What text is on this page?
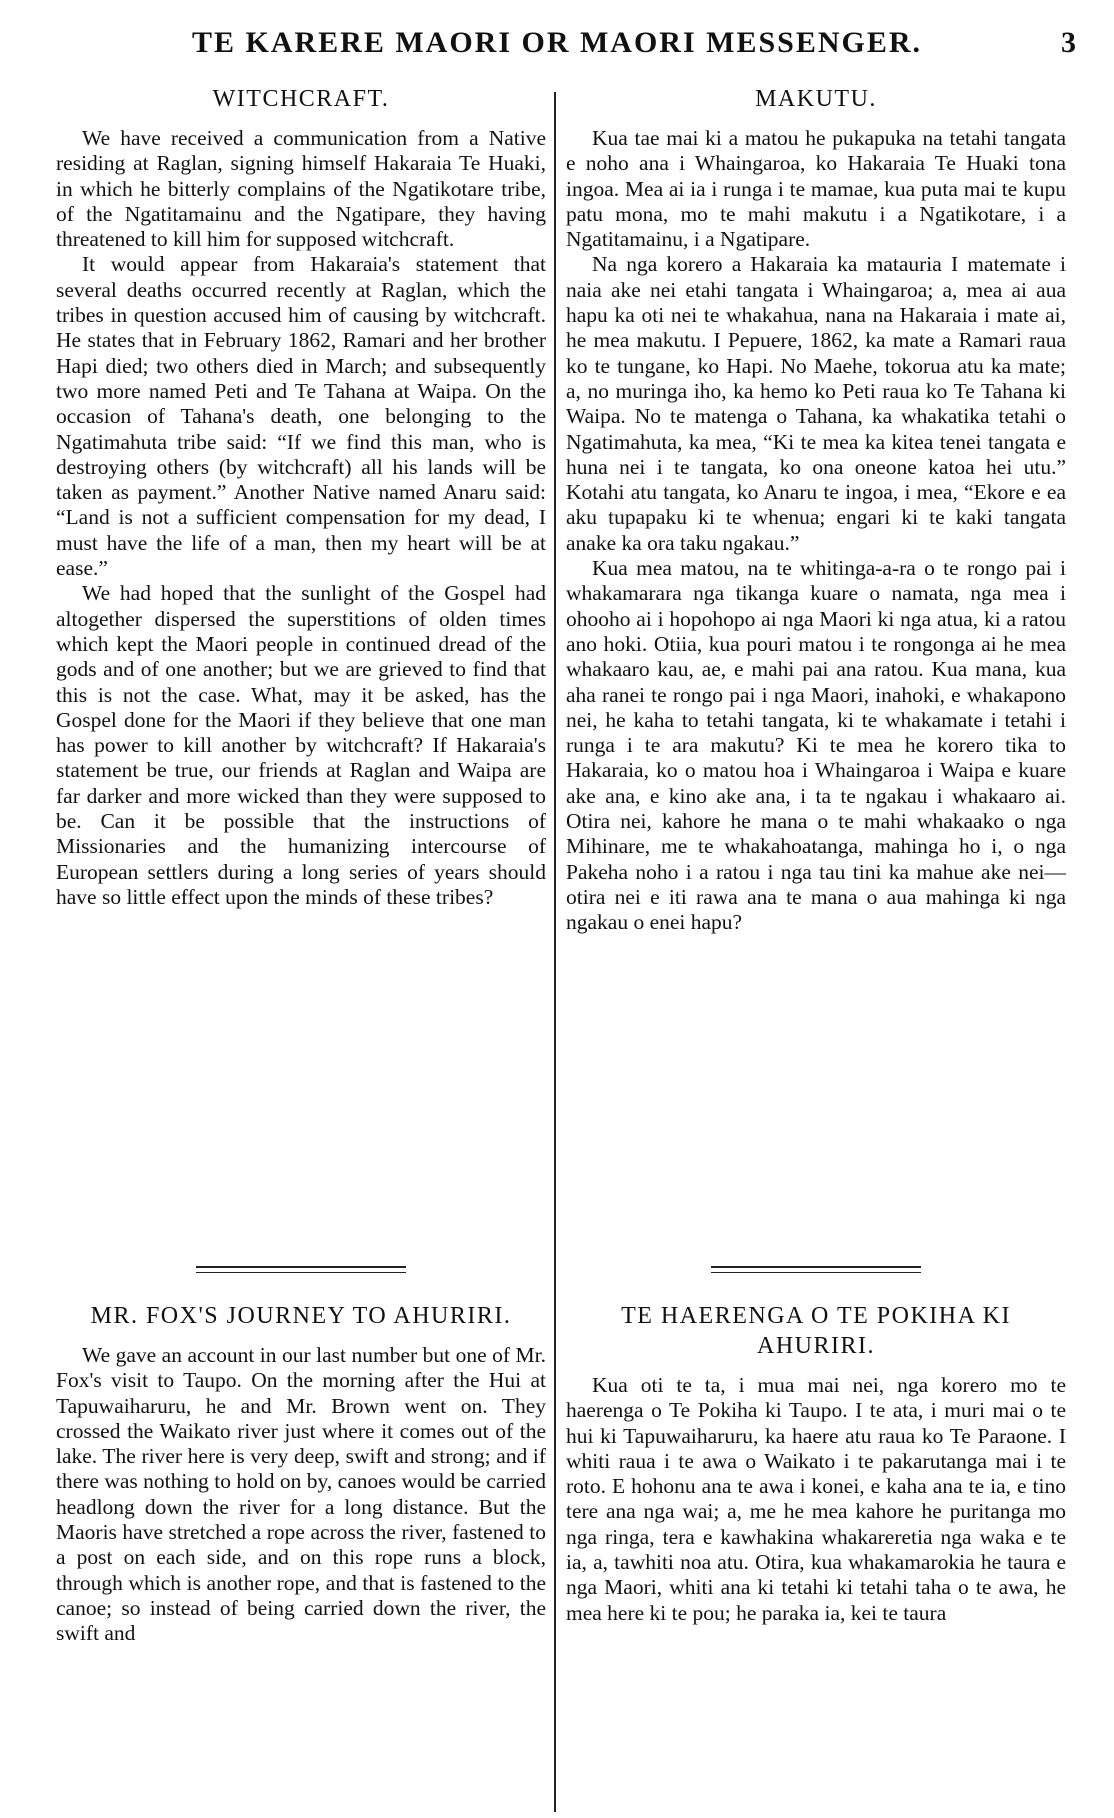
TE KARERE MAORI OR MAORI MESSENGER.	3
WITCHCRAFT.

We have received a communication from a Native residing at Raglan, signing himself Hakaraia Te Huaki, in which he bitterly complains of the Ngatikotare tribe, of the Ngatitamainu and the Ngatipare, they having threatened to kill him for supposed witchcraft.

It would appear from Hakaraia's statement that several deaths occurred recently at Raglan, which the tribes in question accused him of causing by witchcraft. He states that in February 1862, Ramari and her brother Hapi died; two others died in March; and subsequently two more named Peti and Te Tahana at Waipa. On the occasion of Tahana's death, one belonging to the Ngatimahuta tribe said: “If we find this man, who is destroying others (by witchcraft) all his lands will be taken as payment.” Another Native named Anaru said: “Land is not a sufficient compensation for my dead, I must have the life of a man, then my heart will be at ease.”

We had hoped that the sunlight of the Gospel had altogether dispersed the superstitions of olden times which kept the Maori people in continued dread of the gods and of one another; but we are grieved to find that this is not the case. What, may it be asked, has the Gospel done for the Maori if they believe that one man has power to kill another by witchcraft? If Hakaraia's statement be true, our friends at Raglan and Waipa are far darker and more wicked than they were supposed to be. Can it be possible that the instructions of Missionaries and the humanizing intercourse of European settlers during a long series of years should have so little effect upon the minds of these tribes?

MR. FOX'S JOURNEY TO AHURIRI.

We gave an account in our last number but one of Mr. Fox's visit to Taupo. On the morning after the Hui at Tapuwaiharuru, he and Mr. Brown went on. They crossed the Waikato river just where it comes out of the lake. The river here is very deep, swift and strong; and if there was nothing to hold on by, canoes would be carried headlong down the river for a long distance. But the Maoris have stretched a rope across the river, fastened to a post on each side, and on this rope runs a block, through which is another rope, and that is fastened to the canoe; so instead of being carried down the river, the swift and

MAKUTU.

Kua tae mai ki a matou he pukapuka na tetahi tangata e noho ana i Whaingaroa, ko Hakaraia Te Huaki tona ingoa. Mea ai ia i runga i te mamae, kua puta mai te kupu patu mona, mo te mahi makutu i a Ngatikotare, i a Ngatitamainu, i a Ngatipare.

Na nga korero a Hakaraia ka matauria I matemate i naia ake nei etahi tangata i Whaingaroa; a, mea ai aua hapu ka oti nei te whakahua, nana na Hakaraia i mate ai, he mea makutu. I Pepuere, 1862, ka mate a Ramari raua ko te tungane, ko Hapi. No Maehe, tokorua atu ka mate; a, no muringa iho, ka hemo ko Peti raua ko Te Tahana ki Waipa. No te matenga o Tahana, ka whakatika tetahi o Ngatimahuta, ka mea, “Ki te mea ka kitea tenei tangata e huna nei i te tangata, ko ona oneone katoa hei utu.” Kotahi atu tangata, ko Anaru te ingoa, i mea, “Ekore e ea aku tupapaku ki te whenua; engari ki te kaki tangata anake ka ora taku ngakau.”

Kua mea matou, na te whitinga-a-ra o te rongo pai i whakamarara nga tikanga kuare o namata, nga mea i ohooho ai i hopohopo ai nga Maori ki nga atua, ki a ratou ano hoki. Otiia, kua pouri matou i te rongonga ai he mea whakaaro kau, ae, e mahi pai ana ratou. Kua mana, kua aha ranei te rongo pai i nga Maori, inahoki, e whakapono nei, he kaha to tetahi tangata, ki te whakamate i tetahi i runga i te ara makutu? Ki te mea he korero tika to Hakaraia, ko o matou hoa i Whaingaroa i Waipa e kuare ake ana, e kino ake ana, i ta te ngakau i whakaaro ai. Otira nei, kahore he mana o te mahi whakaako o nga Mihinare, me te whakahoatanga, mahinga ho i, o nga Pakeha noho i a ratou i nga tau tini ka mahue ake nei—otira nei e iti rawa ana te mana o aua mahinga ki nga ngakau o enei hapu?

TE HAERENGA O TE POKIHA KI AHURIRI.

Kua oti te ta, i mua mai nei, nga korero mo te haerenga o Te Pokiha ki Taupo. I te ata, i muri mai o te hui ki Tapuwaiharuru, ka haere atu raua ko Te Paraone. I whiti raua i te awa o Waikato i te pakarutanga mai i te roto. E hohonu ana te awa i konei, e kaha ana te ia, e tino tere ana nga wai; a, me he mea kahore he puritanga mo nga ringa, tera e kawhakina whakareretia nga waka e te ia, a, tawhiti noa atu. Otira, kua whakamarokia he taura e nga Maori, whiti ana ki tetahi ki tetahi taha o te awa, he mea here ki te pou; he paraka ia, kei te taura
